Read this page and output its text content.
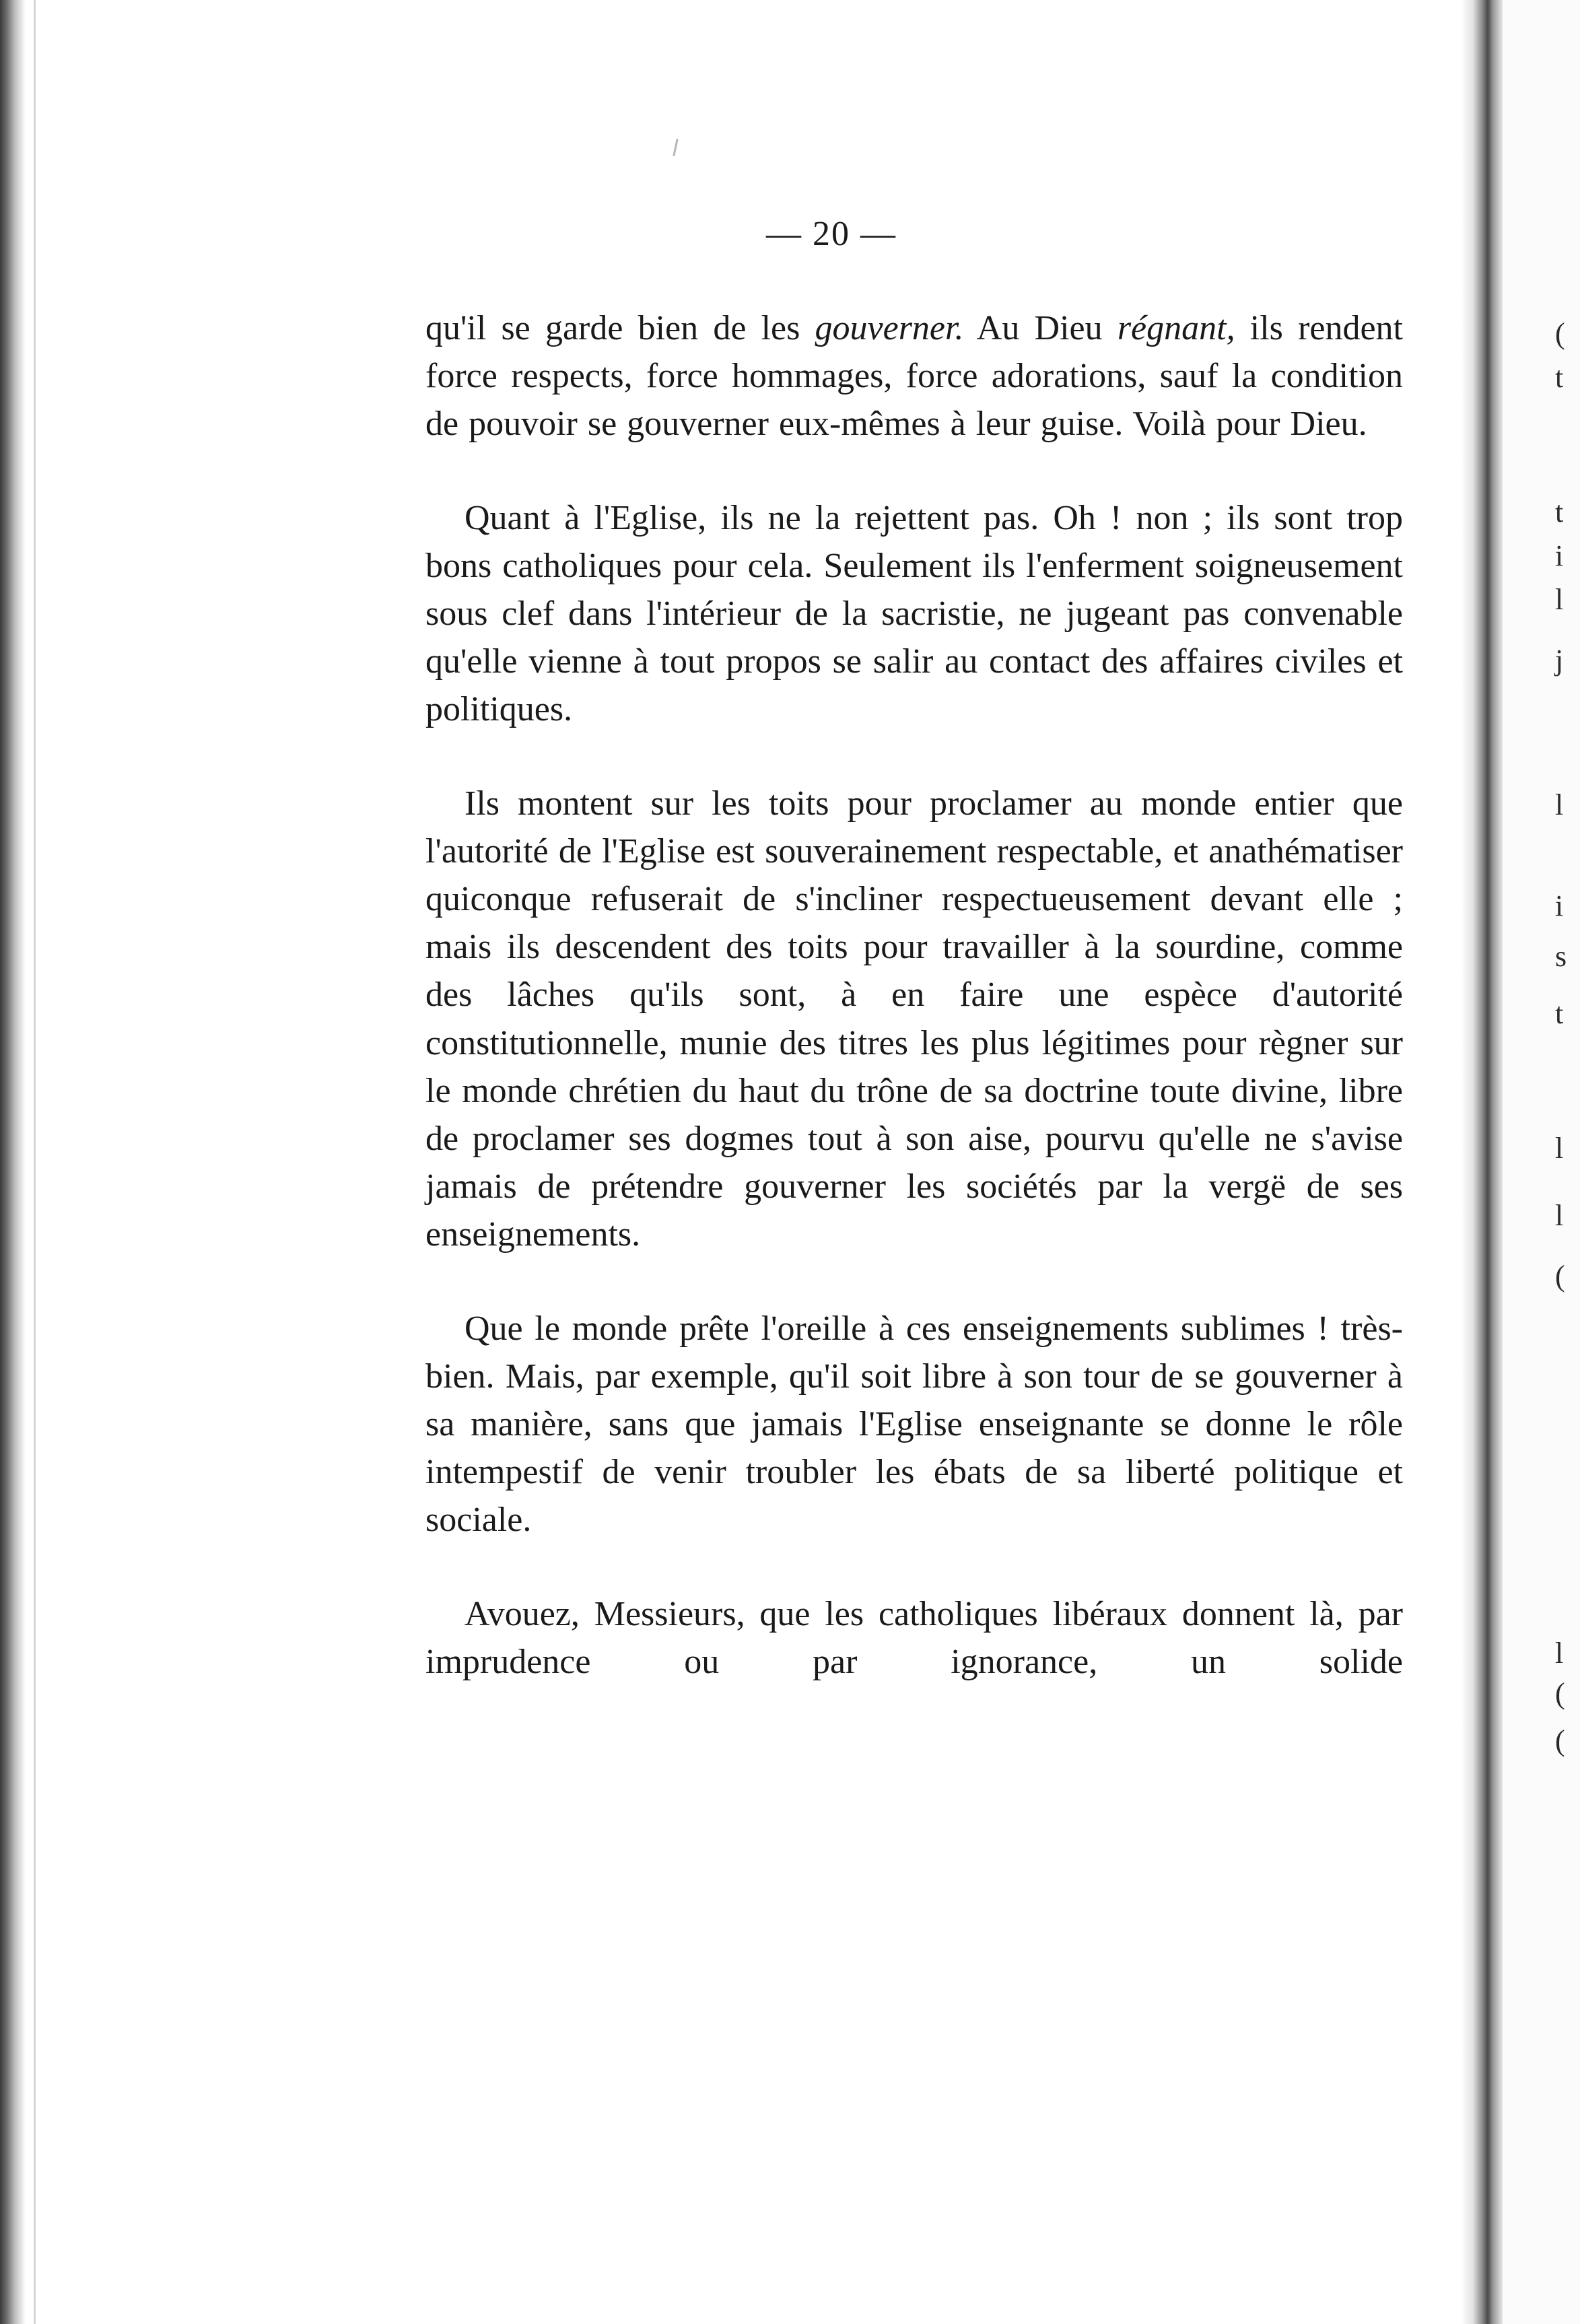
— 20 —

qu'il se garde bien de les gouverner. Au Dieu régnant, ils rendent force respects, force hommages, force adorations, sauf la condition de pouvoir se gouverner eux-mêmes à leur guise. Voilà pour Dieu.

Quant à l'Eglise, ils ne la rejettent pas. Oh ! non ; ils sont trop bons catholiques pour cela. Seulement ils l'enferment soigneusement sous clef dans l'intérieur de la sacristie, ne jugeant pas convenable qu'elle vienne à tout propos se salir au contact des affaires civiles et politiques.

Ils montent sur les toits pour proclamer au monde entier que l'autorité de l'Eglise est souverainement respectable, et anathématiser quiconque refuserait de s'incliner respectueusement devant elle ; mais ils descendent des toits pour travailler à la sourdine, comme des lâches qu'ils sont, à en faire une espèce d'autorité constitutionnelle, munie des titres les plus légitimes pour règner sur le monde chrétien du haut du trône de sa doctrine toute divine, libre de proclamer ses dogmes tout à son aise, pourvu qu'elle ne s'avise jamais de prétendre gouverner les sociétés par la vergë de ses enseignements.

Que le monde prête l'oreille à ces enseignements sublimes ! très-bien. Mais, par exemple, qu'il soit libre à son tour de se gouverner à sa manière, sans que jamais l'Eglise enseignante se donne le rôle intempestif de venir troubler les ébats de sa liberté politique et sociale.

Avouez, Messieurs, que les catholiques libéraux donnent là, par imprudence ou par ignorance, un solide

(
t
t
i
l
j
l
i
s
t
l
l
(
l
(
(
